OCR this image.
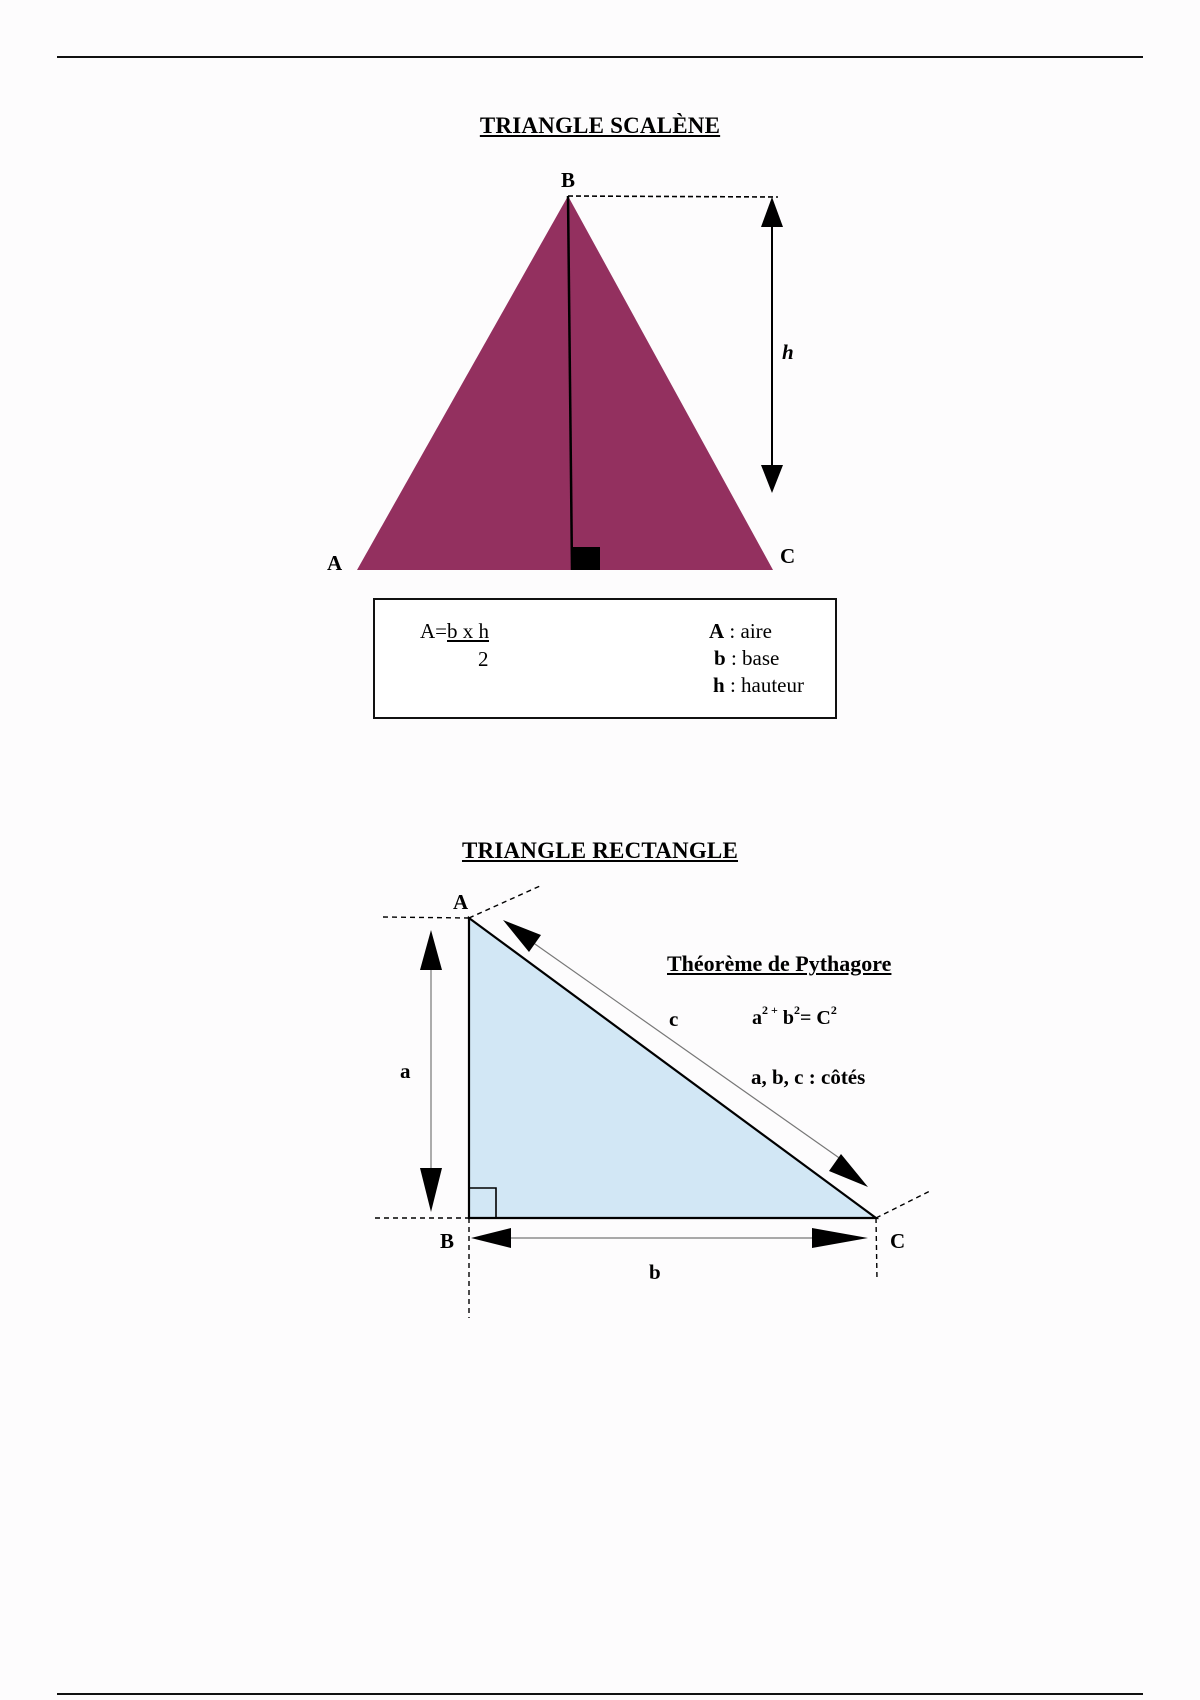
TRIANGLE SCALÈNE
B
A	C
h
A=b x h
2
A : aire
b : base
h : hauteur
TRIANGLE RECTANGLE
A
B	C
a
b
c
Théorème de Pythagore
$a^{2 +}$ $b^2= C^2$
a, b, c : côtés
